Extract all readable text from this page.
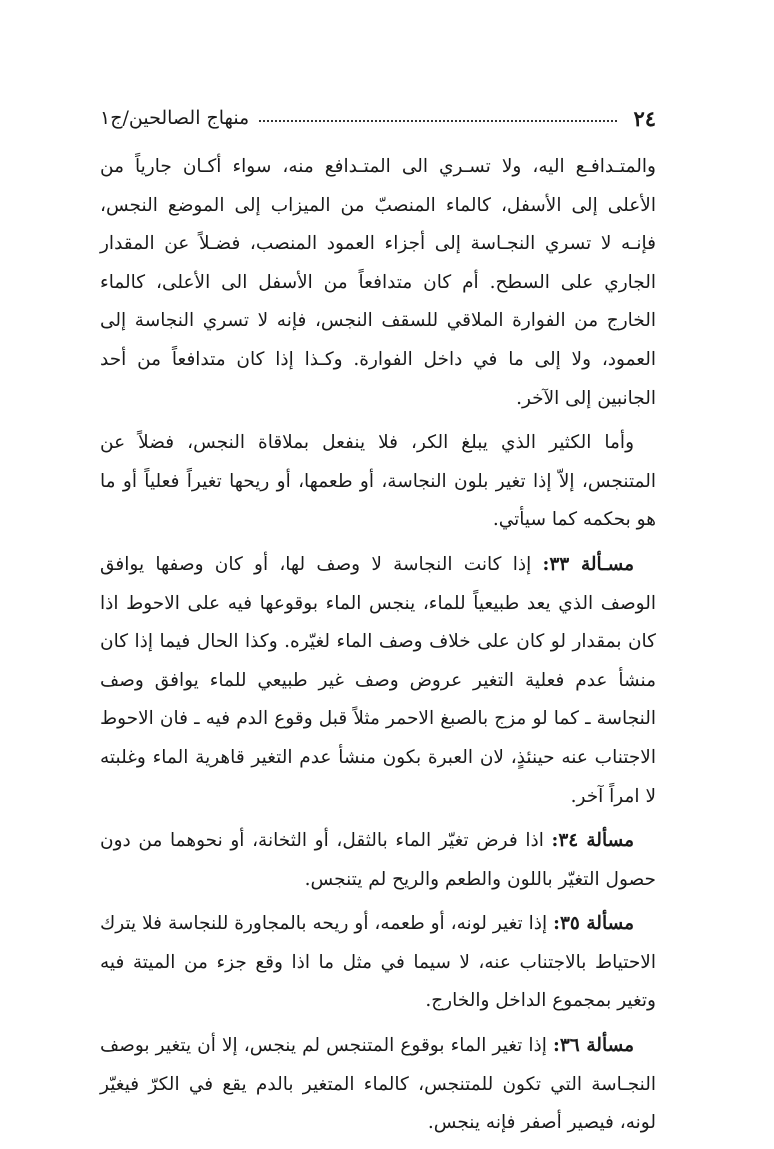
٢٤
منهاج الصالحين/ج١

والمتـدافـع اليه، ولا تسـري الى المتـدافع منه، سواء أكـان جارياً من الأعلى إلى الأسفل، كالماء المنصبّ من الميزاب إلى الموضع النجس، فإنـه لا تسري النجـاسة إلى أجزاء العمود المنصب، فضـلاً عن المقدار الجاري على السطح. أم كان متدافعاً من الأسفل الى الأعلى، كالماء الخارج من الفوارة الملاقي للسقف النجس، فإنه لا تسري النجاسة إلى العمود، ولا إلى ما في داخل الفوارة. وكـذا إذا كان متدافعاً من أحد الجانبين إلى الآخر.

وأما الكثير الذي يبلغ الكر، فلا ينفعل بملاقاة النجس، فضلاً عن المتنجس، إلاّ إذا تغير بلون النجاسة، أو طعمها، أو ريحها تغيراً فعلياً أو ما هو بحكمه كما سيأتي.

مسـألة ٣٣: إذا كانت النجاسة لا وصف لها، أو كان وصفها يوافق الوصف الذي يعد طبيعياً للماء، ينجس الماء بوقوعها فيه على الاحوط اذا كان بمقدار لو كان على خلاف وصف الماء لغيّره. وكذا الحال فيما إذا كان منشأ عدم فعلية التغير عروض وصف غير طبيعي للماء يوافق وصف النجاسة ـ كما لو مزج بالصبغ الاحمر مثلاً قبل وقوع الدم فيه ـ فان الاحوط الاجتناب عنه حينئذٍ، لان العبرة بكون منشأ عدم التغير قاهرية الماء وغلبته لا امراً آخر.

مسألة ٣٤: اذا فرض تغيّر الماء بالثقل، أو الثخانة، أو نحوهما من دون حصول التغيّر باللون والطعم والريح لم يتنجس.

مسألة ٣٥: إذا تغير لونه، أو طعمه، أو ريحه بالمجاورة للنجاسة فلا يترك الاحتياط بالاجتناب عنه، لا سيما في مثل ما اذا وقع جزء من الميتة فيه وتغير بمجموع الداخل والخارج.

مسألة ٣٦: إذا تغير الماء بوقوع المتنجس لم ينجس، إلا أن يتغير بوصف النجـاسة التي تكون للمتنجس، كالماء المتغير بالدم يقع في الكرّ فيغيّر لونه، فيصير أصفر فإنه ينجس.
